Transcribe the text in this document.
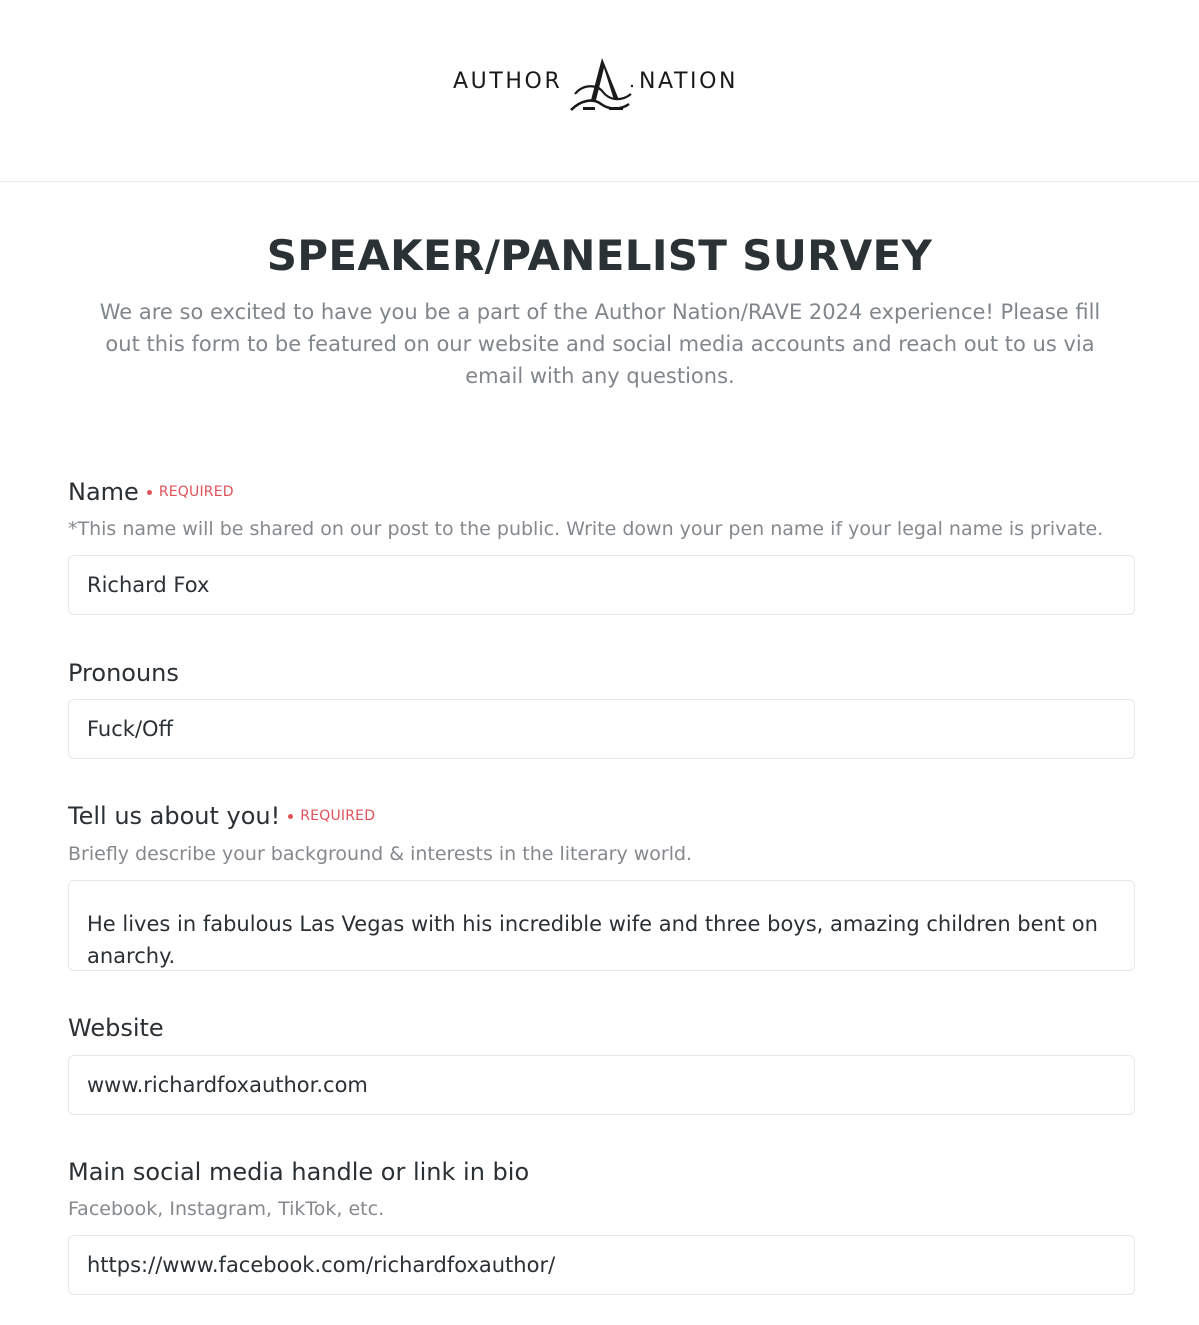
AUTHOR	NATION
SPEAKER/PANELIST SURVEY

We are so excited to have you be a part of the Author Nation/RAVE 2024 experience! Please fill out this form to be featured on our website and social media accounts and reach out to us via email with any questions.

Name REQUIRED
*This name will be shared on our post to the public. Write down your pen name if your legal name is private.
Richard Fox
Pronouns
Fuck/Off
Tell us about you! REQUIRED
Briefly describe your background & interests in the literary world.
He lives in fabulous Las Vegas with his incredible wife and three boys, amazing children bent on anarchy.
Website
www.richardfoxauthor.com
Main social media handle or link in bio
Facebook, Instagram, TikTok, etc.
https://www.facebook.com/richardfoxauthor/
